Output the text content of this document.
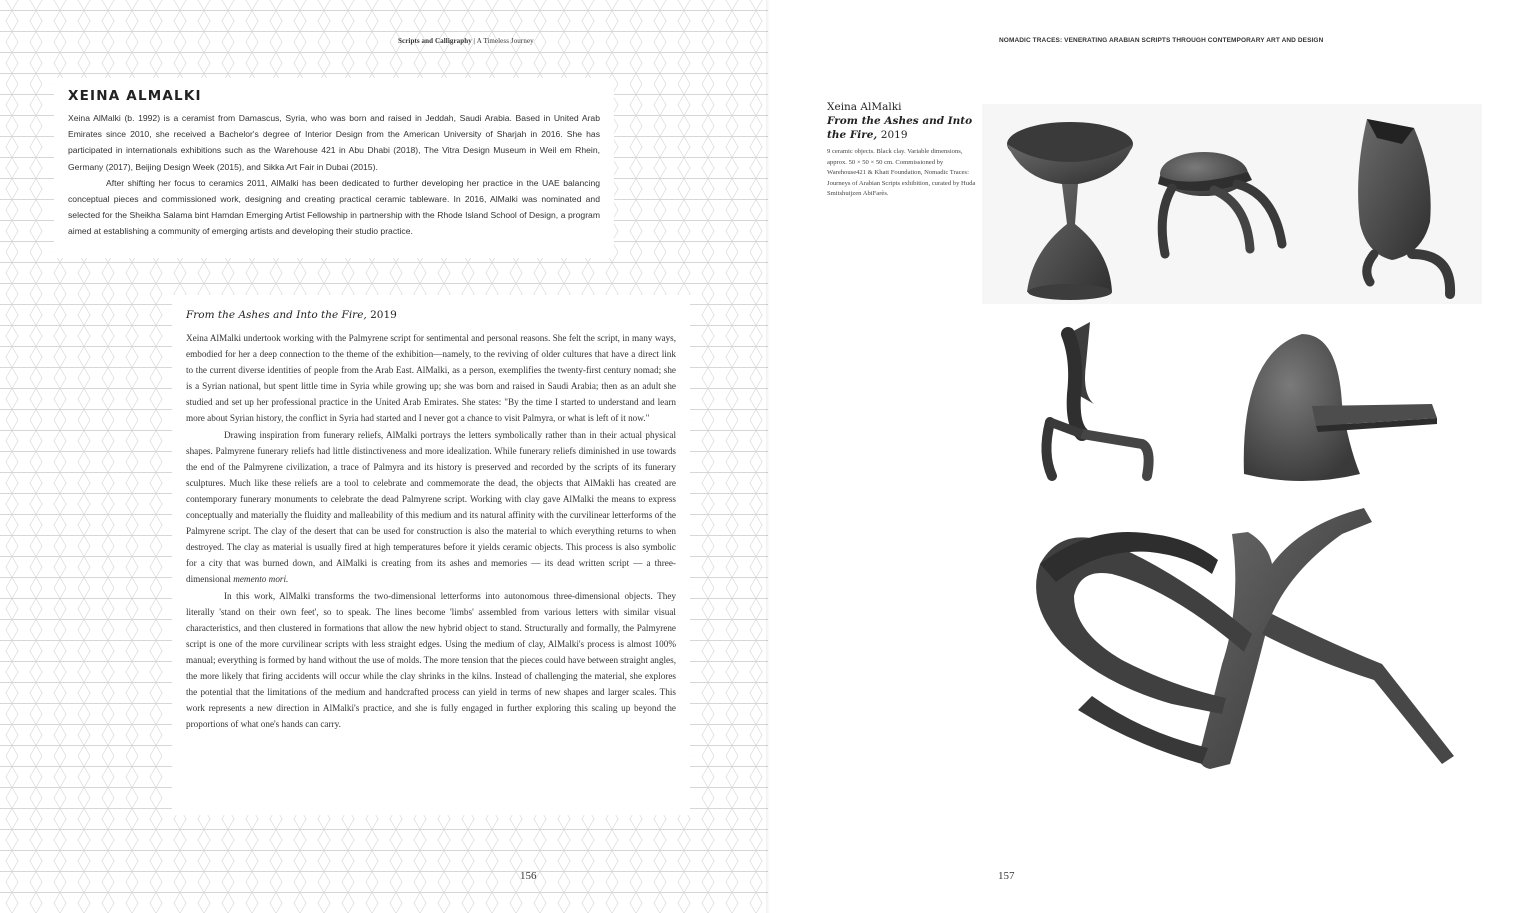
Scripts and Calligraphy | A Timeless Journey
XEINA ALMALKI

Xeina AlMalki (b. 1992) is a ceramist from Damascus, Syria, who was born and raised in Jeddah, Saudi Arabia. Based in United Arab Emirates since 2010, she received a Bachelor's degree of Interior Design from the American University of Sharjah in 2016. She has participated in internationals exhibitions such as the Warehouse 421 in Abu Dhabi (2018), The Vitra Design Museum in Weil em Rhein, Germany (2017), Beijing Design Week (2015), and Sikka Art Fair in Dubai (2015).

After shifting her focus to ceramics 2011, AlMalki has been dedicated to further developing her practice in the UAE balancing conceptual pieces and commissioned work, designing and creating practical ceramic tableware. In 2016, AlMalki was nominated and selected for the Sheikha Salama bint Hamdan Emerging Artist Fellowship in partnership with the Rhode Island School of Design, a program aimed at establishing a community of emerging artists and developing their studio practice.

From the Ashes and Into the Fire, 2019

Xeina AlMalki undertook working with the Palmyrene script for sentimental and personal reasons. She felt the script, in many ways, embodied for her a deep connection to the theme of the exhibition—namely, to the reviving of older cultures that have a direct link to the current diverse identities of people from the Arab East. AlMalki, as a person, exemplifies the twenty-first century nomad; she is a Syrian national, but spent little time in Syria while growing up; she was born and raised in Saudi Arabia; then as an adult she studied and set up her professional practice in the United Arab Emirates. She states: "By the time I started to understand and learn more about Syrian history, the conflict in Syria had started and I never got a chance to visit Palmyra, or what is left of it now."

Drawing inspiration from funerary reliefs, AlMalki portrays the letters symbolically rather than in their actual physical shapes. Palmyrene funerary reliefs had little distinctiveness and more idealization. While funerary reliefs diminished in use towards the end of the Palmyrene civilization, a trace of Palmyra and its history is preserved and recorded by the scripts of its funerary sculptures. Much like these reliefs are a tool to celebrate and commemorate the dead, the objects that AlMakli has created are contemporary funerary monuments to celebrate the dead Palmyrene script. Working with clay gave AlMalki the means to express conceptually and materially the fluidity and malleability of this medium and its natural affinity with the curvilinear letterforms of the Palmyrene script. The clay of the desert that can be used for construction is also the material to which everything returns to when destroyed. The clay as material is usually fired at high temperatures before it yields ceramic objects. This process is also symbolic for a city that was burned down, and AlMalki is creating from its ashes and memories — its dead written script — a three-dimensional memento mori.

In this work, AlMalki transforms the two-dimensional letterforms into autonomous three-dimensional objects. They literally 'stand on their own feet', so to speak. The lines become 'limbs' assembled from various letters with similar visual characteristics, and then clustered in formations that allow the new hybrid object to stand. Structurally and formally, the Palmyrene script is one of the more curvilinear scripts with less straight edges. Using the medium of clay, AlMalki's process is almost 100% manual; everything is formed by hand without the use of molds. The more tension that the pieces could have between straight angles, the more likely that firing accidents will occur while the clay shrinks in the kilns. Instead of challenging the material, she explores the potential that the limitations of the medium and handcrafted process can yield in terms of new shapes and larger scales. This work represents a new direction in AlMalki's practice, and she is fully engaged in further exploring this scaling up beyond the proportions of what one's hands can carry.

156
NOMADIC TRACES: VENERATING ARABIAN SCRIPTS THROUGH CONTEMPORARY ART AND DESIGN

Xeina AlMalki

From the Ashes and Into the Fire, 2019

9 ceramic objects. Black clay. Variable dimensions, approx. 50 × 50 × 50 cm. Commissioned by Warehouse421 & Khatt Foundation, Nomadic Traces: Journeys of Arabian Scripts exhibition, curated by Huda Smitshuijzen AbiFarès.

157
